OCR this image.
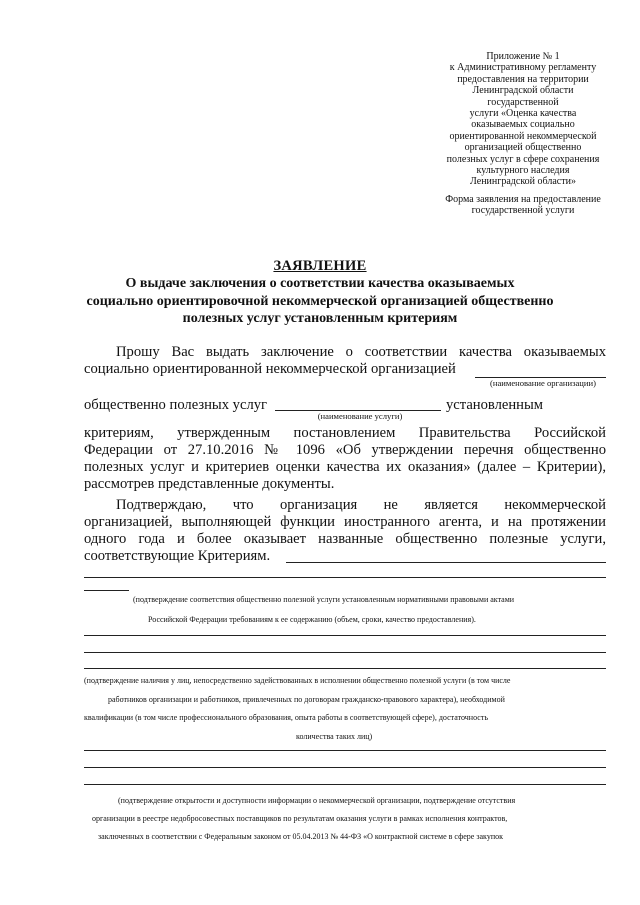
Приложение № 1
к Административному регламенту
предоставления на территории
Ленинградской области
государственной
услуги «Оценка качества
оказываемых социально
ориентированной некоммерческой
организацией общественно
полезных услуг в сфере сохранения
культурного наследия
Ленинградской области»
Форма заявления на предоставление
государственной услуги
ЗАЯВЛЕНИЕ
О выдаче заключения о соответствии качества оказываемых
социально ориентировочной некоммерческой организацией общественно
полезных услуг установленным критериям
Прошу Вас выдать заключение о соответствии качества оказываемых
социально ориентированной некоммерческой организацией
(наименование организации)
общественно полезных услуг
(наименование услуги)
установленным
критериям, утвержденным постановлением Правительства Российской
Федерации от 27.10.2016 № 1096 «Об утверждении перечня общественно
полезных услуг и критериев оценки качества их оказания» (далее – Критерии),
рассмотрев представленные документы.
Подтверждаю, что организация не является некоммерческой
организацией, выполняющей функции иностранного агента, и на протяжении
одного года и более оказывает названные общественно полезные услуги,
соответствующие Критериям.
(подтверждение соответствия общественно полезной услуги установленным нормативными правовыми актами
Российской Федерации требованиям к ее содержанию (объем, сроки, качество предоставления).
(подтверждение наличия у лиц, непосредственно задействованных в исполнении общественно полезной услуги (в том числе
работников организации и работников, привлеченных по договорам гражданско-правового характера), необходимой
квалификации (в том числе профессионального образования, опыта работы в соответствующей сфере), достаточность
количества таких лиц)
(подтверждение открытости и доступности информации о некоммерческой организации, подтверждение отсутствия
организации в реестре недобросовестных поставщиков по результатам оказания услуги в рамках исполнения контрактов,
заключенных в соответствии с Федеральным законом от 05.04.2013 № 44-ФЗ «О контрактной системе в сфере закупок
